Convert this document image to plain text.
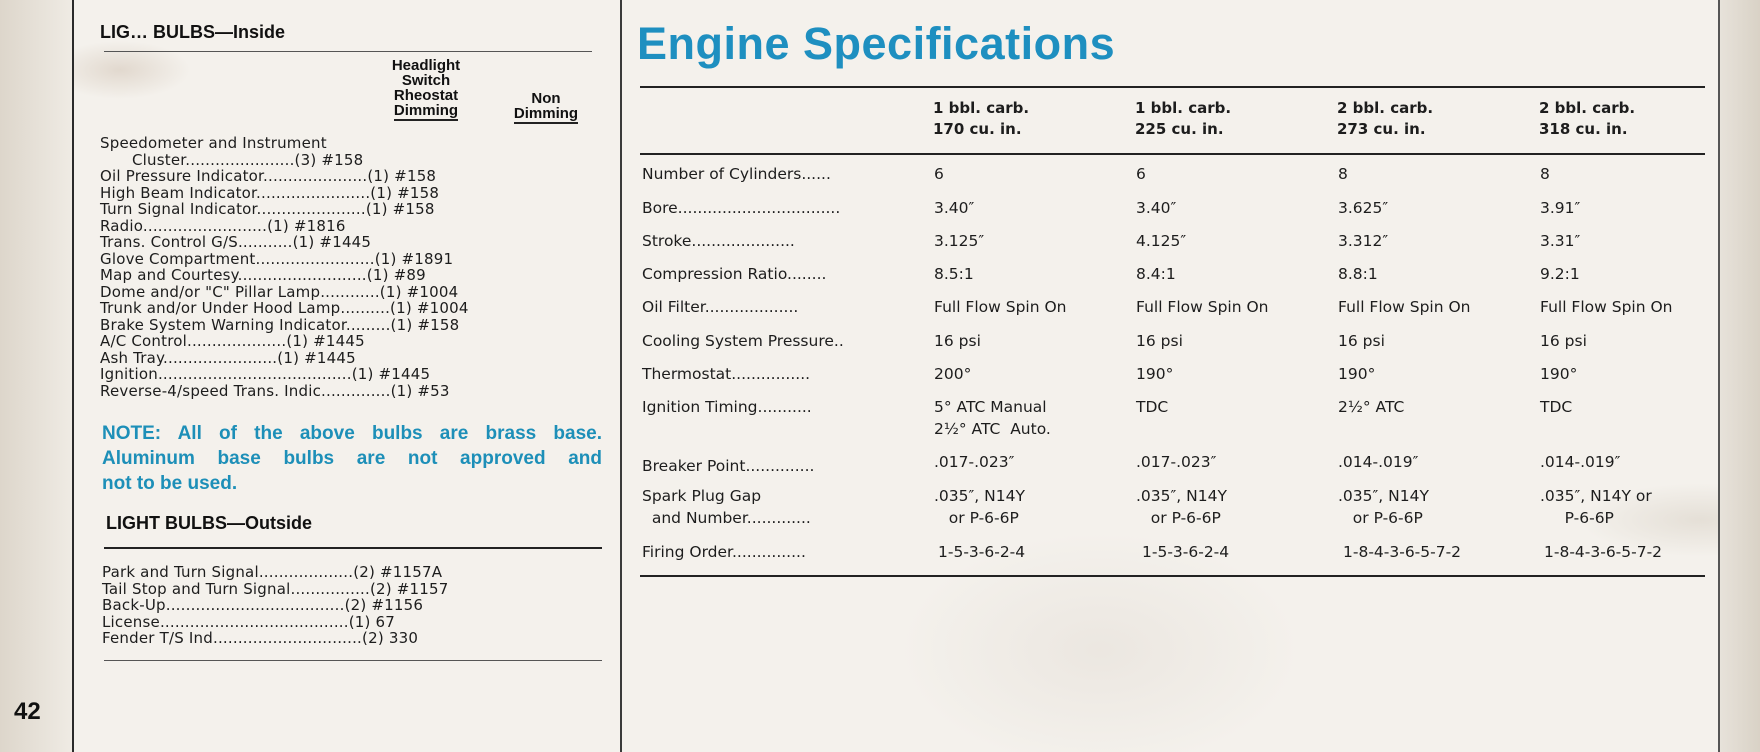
42
LIG… BULBS—Inside
Headlight
Switch
Rheostat
Dimming
Non
Dimming
Speedometer and Instrument
Cluster......................(3) #158
Oil Pressure Indicator.....................(1) #158
High Beam Indicator.......................(1) #158
Turn Signal Indicator......................(1) #158
Radio.........................(1) #1816
Trans. Control G/S...........(1) #1445
Glove Compartment........................(1) #1891
Map and Courtesy..........................(1) #89
Dome and/or "C" Pillar Lamp............(1) #1004
Trunk and/or Under Hood Lamp..........(1) #1004
Brake System Warning Indicator.........(1) #158
A/C Control....................(1) #1445
Ash Tray.......................(1) #1445
Ignition.......................................(1) #1445
Reverse-4/speed Trans. Indic..............(1) #53
NOTE: All of the above bulbs are brass base.
Aluminum base bulbs are not approved and
not to be used.
LIGHT BULBS—Outside
Park and Turn Signal...................(2) #1157A
Tail Stop and Turn Signal................(2) #1157
Back-Up....................................(2) #1156
License......................................(1) 67
Fender T/S Ind..............................(2) 330
Engine Specifications
1 bbl. carb.
170 cu. in.
1 bbl. carb.
225 cu. in.
2 bbl. carb.
273 cu. in.
2 bbl. carb.
318 cu. in.
Number of Cylinders......
Bore.................................
Stroke.....................
Compression Ratio........
Oil Filter...................
Cooling System Pressure..
Thermostat................
Ignition Timing...........
Breaker Point..............
Spark Plug Gap
and Number.............
Firing Order...............
6
3.40″
3.125″
8.5:1
Full Flow Spin On
16 psi
200°
5° ATC Manual
2½° ATC  Auto.
.017-.023″
.035″, N14Y
or P-6-6P
1-5-3-6-2-4
6
3.40″
4.125″
8.4:1
Full Flow Spin On
16 psi
190°
TDC
.017-.023″
.035″, N14Y
or P-6-6P
1-5-3-6-2-4
8
3.625″
3.312″
8.8:1
Full Flow Spin On
16 psi
190°
2½° ATC
.014-.019″
.035″, N14Y
or P-6-6P
1-8-4-3-6-5-7-2
8
3.91″
3.31″
9.2:1
Full Flow Spin On
16 psi
190°
TDC
.014-.019″
.035″, N14Y or
P-6-6P
1-8-4-3-6-5-7-2
